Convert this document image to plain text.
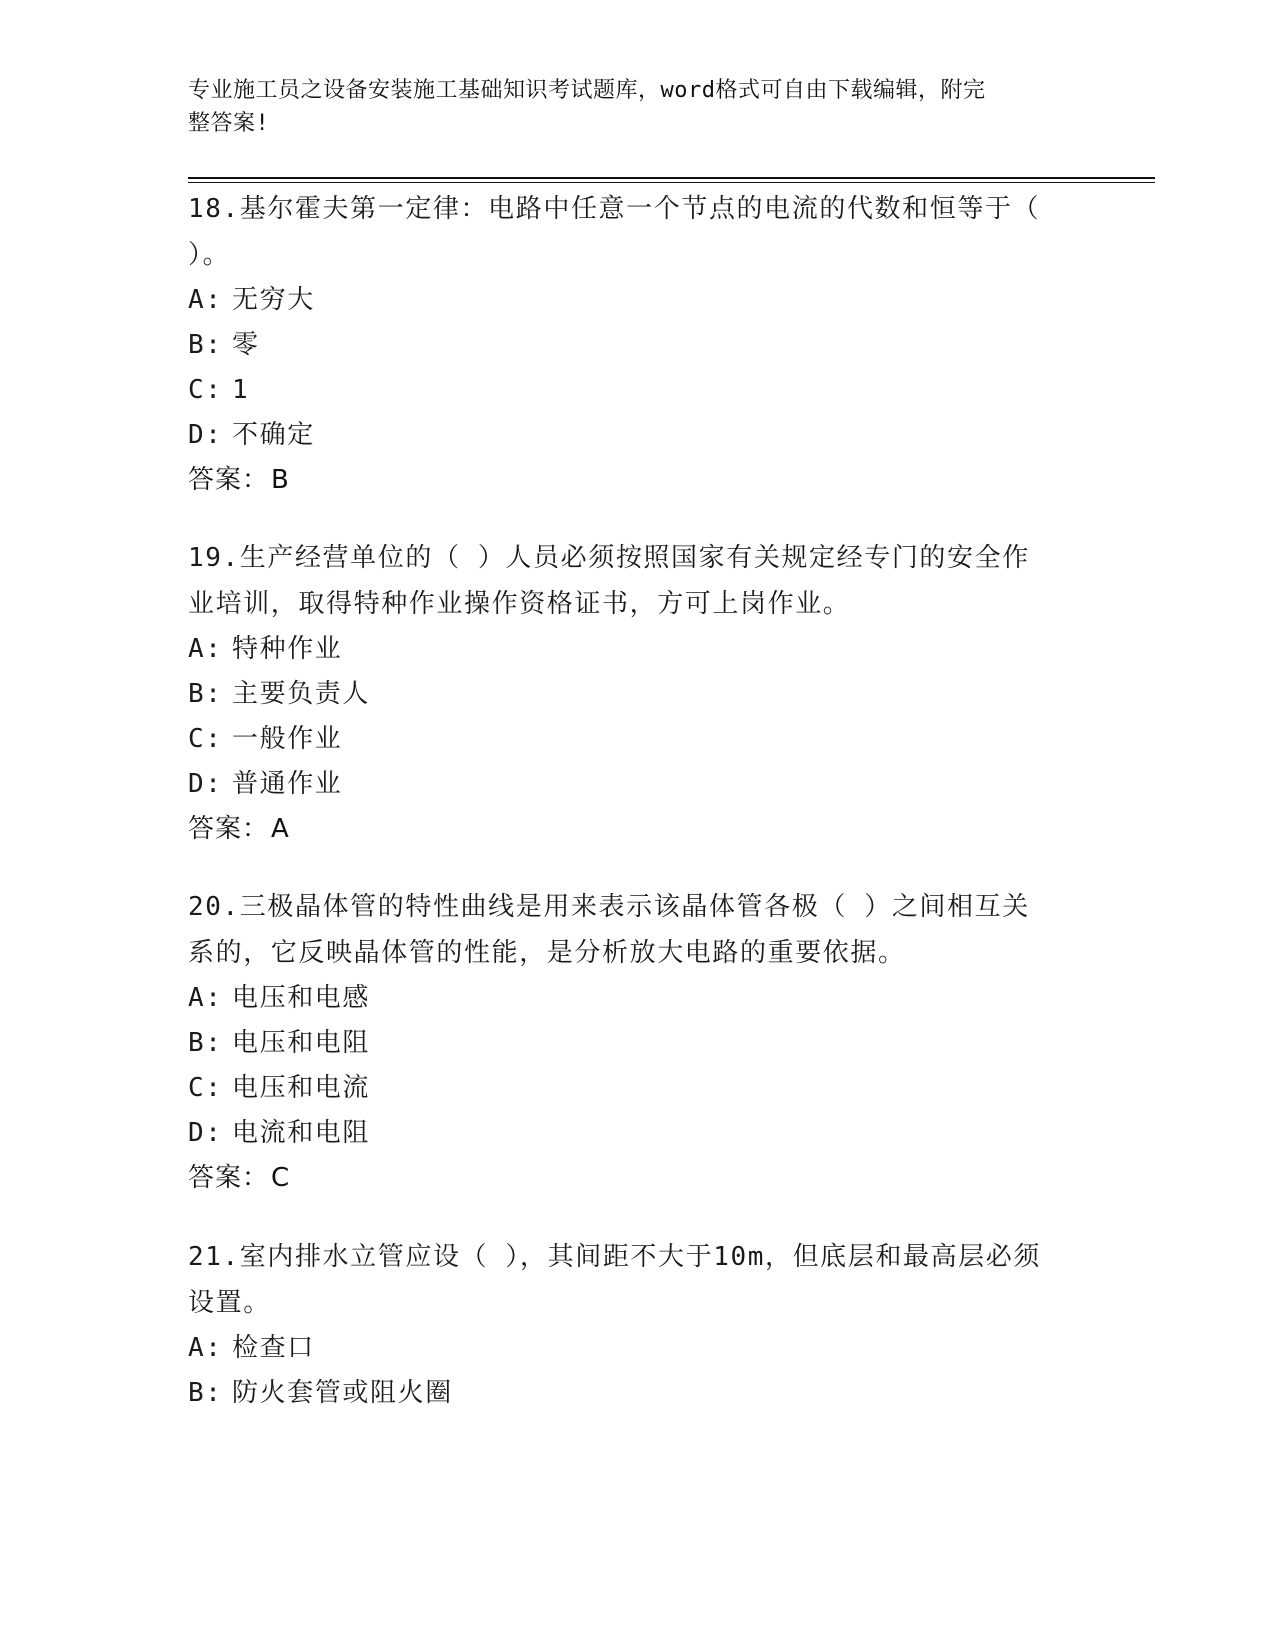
专业施工员之设备安装施工基础知识考试题库，word格式可自由下载编辑，附完
整答案!

18.基尔霍夫第一定律：电路中任意一个节点的电流的代数和恒等于（
）。

A: 无穷大
B: 零
C: 1
D: 不确定
答案：B

19.生产经营单位的（ ）人员必须按照国家有关规定经专门的安全作
业培训，取得特种作业操作资格证书，方可上岗作业。

A: 特种作业
B: 主要负责人
C: 一般作业
D: 普通作业
答案：A

20.三极晶体管的特性曲线是用来表示该晶体管各极（ ）之间相互关
系的，它反映晶体管的性能，是分析放大电路的重要依据。

A: 电压和电感
B: 电压和电阻
C: 电压和电流
D: 电流和电阻
答案：C

21.室内排水立管应设（ ），其间距不大于10m，但底层和最高层必须
设置。

A: 检查口
B: 防火套管或阻火圈
